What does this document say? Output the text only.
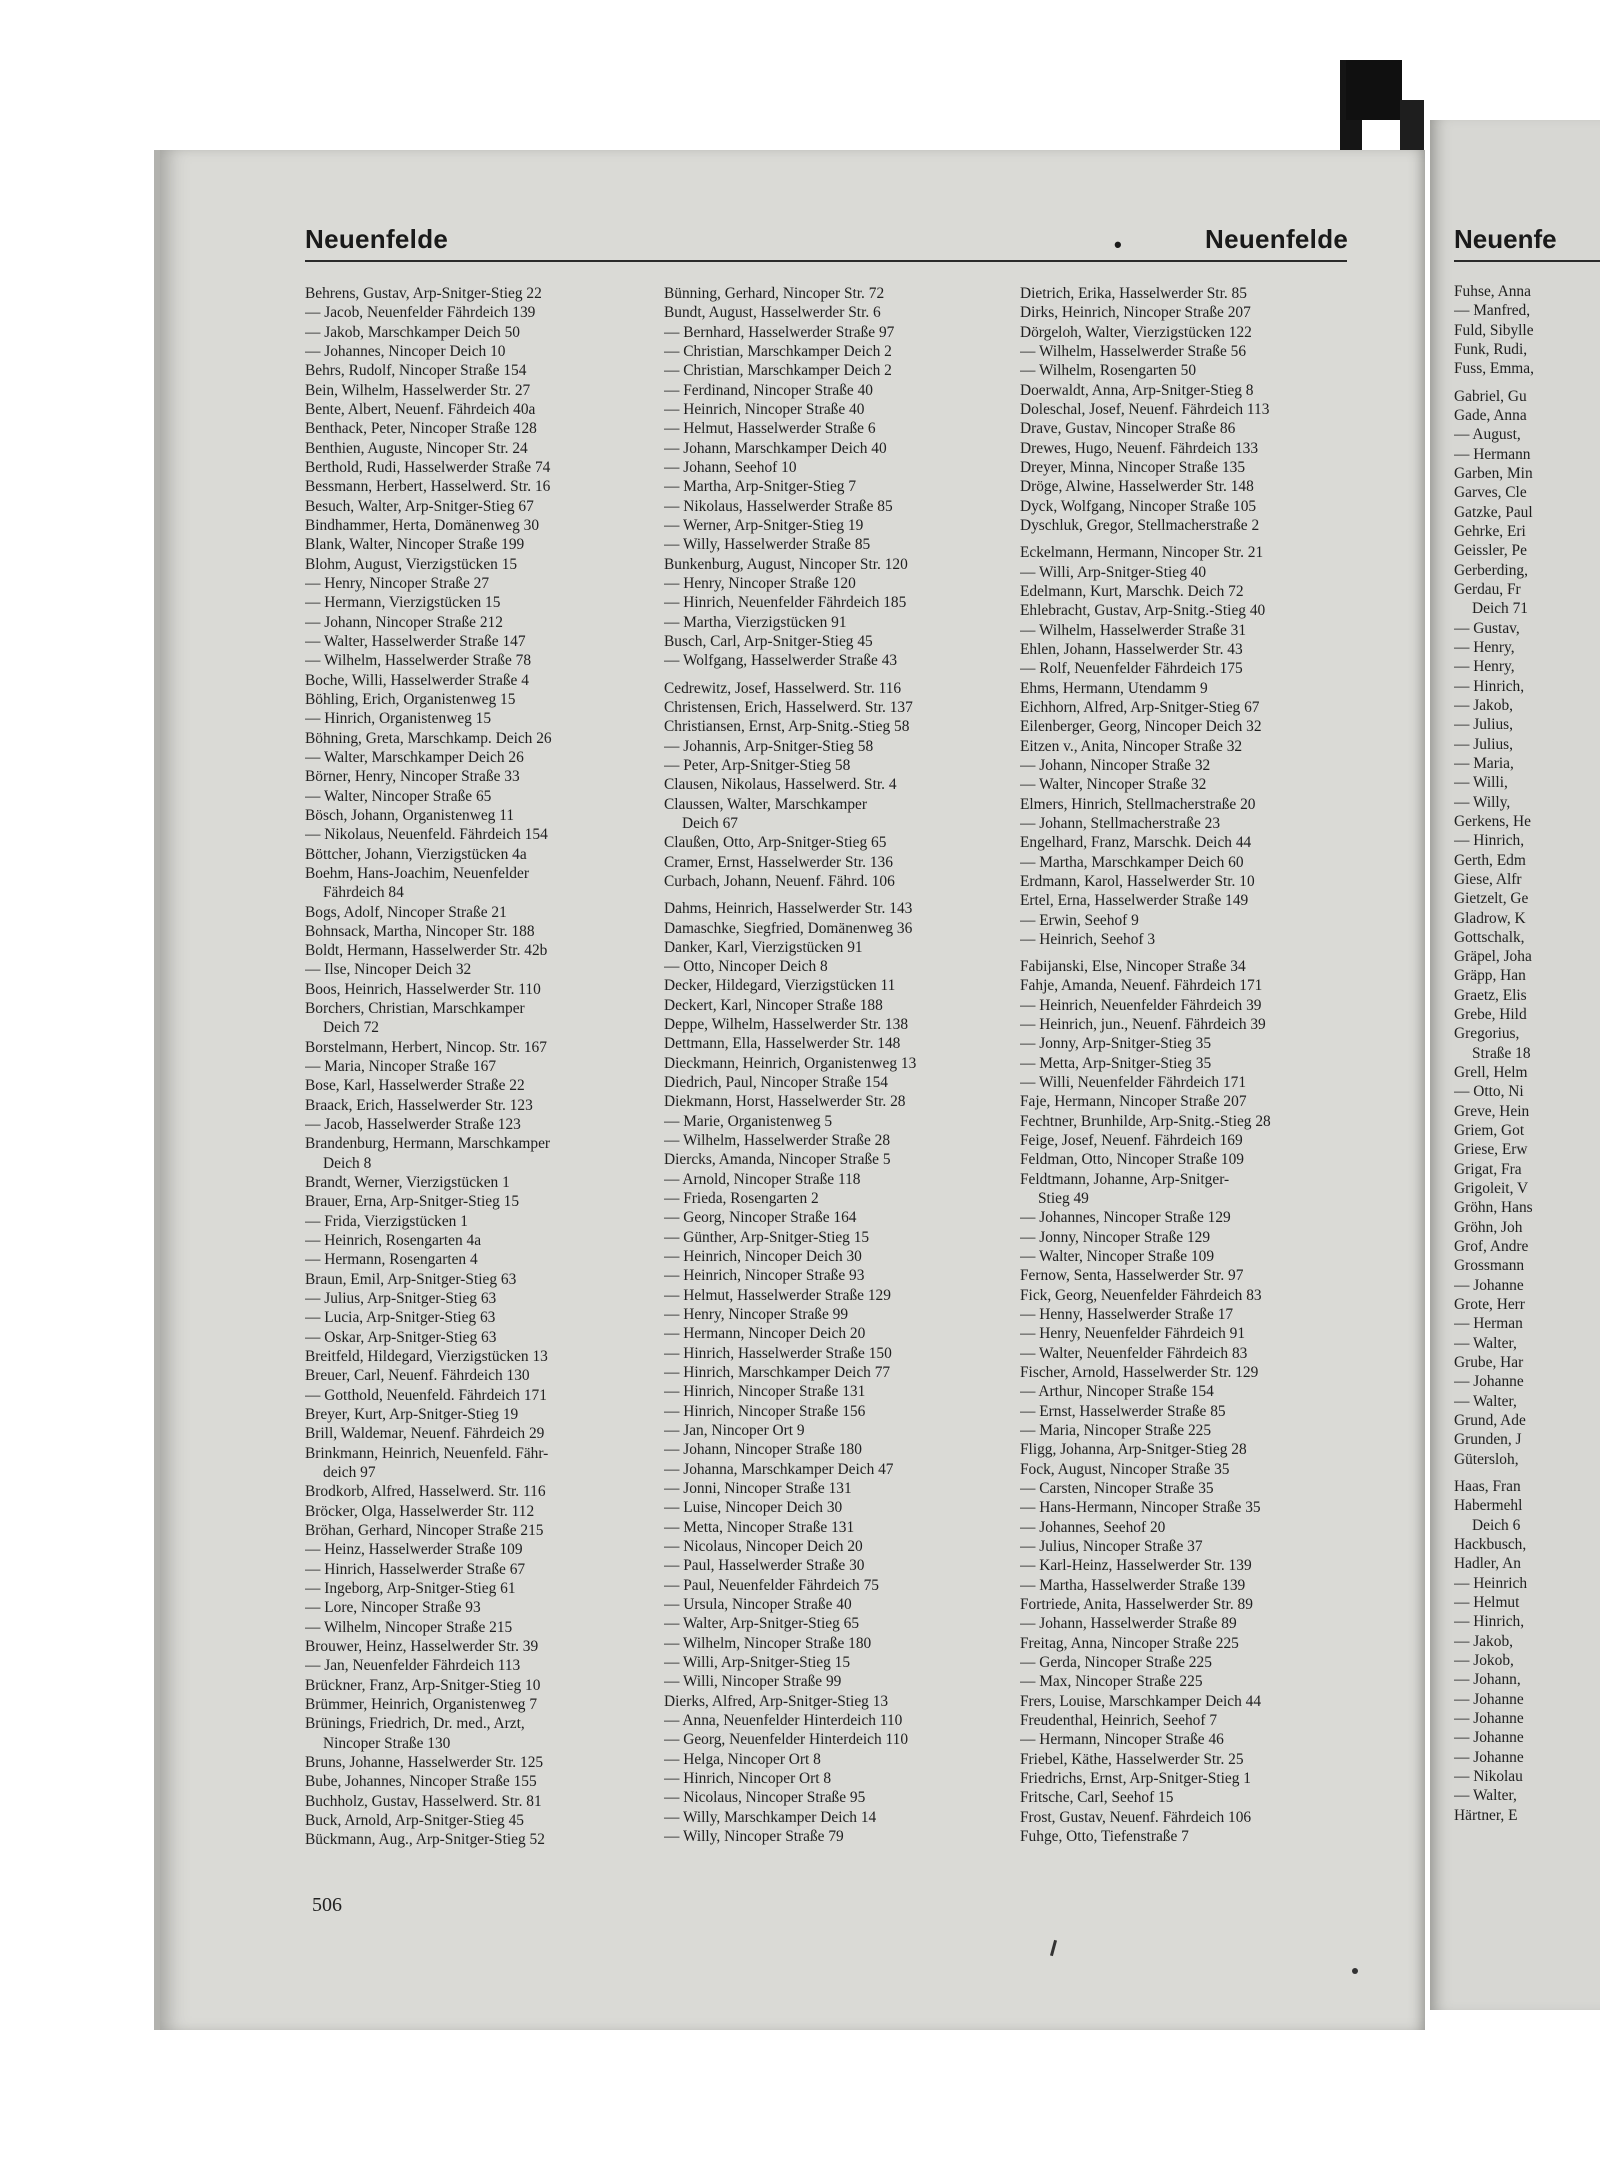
Neuenfelde	•	Neuenfelde
Behrens, Gustav, Arp-Snitger-Stieg 22
— Jacob, Neuenfelder Fährdeich 139
— Jakob, Marschkamper Deich 50
— Johannes, Nincoper Deich 10
Behrs, Rudolf, Nincoper Straße 154
Bein, Wilhelm, Hasselwerder Str. 27
Bente, Albert, Neuenf. Fährdeich 40a
Benthack, Peter, Nincoper Straße 128
Benthien, Auguste, Nincoper Str. 24
Berthold, Rudi, Hasselwerder Straße 74
Bessmann, Herbert, Hasselwerd. Str. 16
Besuch, Walter, Arp-Snitger-Stieg 67
Bindhammer, Herta, Domänenweg 30
Blank, Walter, Nincoper Straße 199
Blohm, August, Vierzigstücken 15
— Henry, Nincoper Straße 27
— Hermann, Vierzigstücken 15
— Johann, Nincoper Straße 212
— Walter, Hasselwerder Straße 147
— Wilhelm, Hasselwerder Straße 78
Boche, Willi, Hasselwerder Straße 4
Böhling, Erich, Organistenweg 15
— Hinrich, Organistenweg 15
Böhning, Greta, Marschkamp. Deich 26
— Walter, Marschkamper Deich 26
Börner, Henry, Nincoper Straße 33
— Walter, Nincoper Straße 65
Bösch, Johann, Organistenweg 11
— Nikolaus, Neuenfeld. Fährdeich 154
Böttcher, Johann, Vierzigstücken 4a
Boehm, Hans-Joachim, Neuenfelder
Fährdeich 84
Bogs, Adolf, Nincoper Straße 21
Bohnsack, Martha, Nincoper Str. 188
Boldt, Hermann, Hasselwerder Str. 42b
— Ilse, Nincoper Deich 32
Boos, Heinrich, Hasselwerder Str. 110
Borchers, Christian, Marschkamper
Deich 72
Borstelmann, Herbert, Nincop. Str. 167
— Maria, Nincoper Straße 167
Bose, Karl, Hasselwerder Straße 22
Braack, Erich, Hasselwerder Str. 123
— Jacob, Hasselwerder Straße 123
Brandenburg, Hermann, Marschkamper
Deich 8
Brandt, Werner, Vierzigstücken 1
Brauer, Erna, Arp-Snitger-Stieg 15
— Frida, Vierzigstücken 1
— Heinrich, Rosengarten 4a
— Hermann, Rosengarten 4
Braun, Emil, Arp-Snitger-Stieg 63
— Julius, Arp-Snitger-Stieg 63
— Lucia, Arp-Snitger-Stieg 63
— Oskar, Arp-Snitger-Stieg 63
Breitfeld, Hildegard, Vierzigstücken 13
Breuer, Carl, Neuenf. Fährdeich 130
— Gotthold, Neuenfeld. Fährdeich 171
Breyer, Kurt, Arp-Snitger-Stieg 19
Brill, Waldemar, Neuenf. Fährdeich 29
Brinkmann, Heinrich, Neuenfeld. Fähr-
deich 97
Brodkorb, Alfred, Hasselwerd. Str. 116
Bröcker, Olga, Hasselwerder Str. 112
Bröhan, Gerhard, Nincoper Straße 215
— Heinz, Hasselwerder Straße 109
— Hinrich, Hasselwerder Straße 67
— Ingeborg, Arp-Snitger-Stieg 61
— Lore, Nincoper Straße 93
— Wilhelm, Nincoper Straße 215
Brouwer, Heinz, Hasselwerder Str. 39
— Jan, Neuenfelder Fährdeich 113
Brückner, Franz, Arp-Snitger-Stieg 10
Brümmer, Heinrich, Organistenweg 7
Brünings, Friedrich, Dr. med., Arzt,
Nincoper Straße 130
Bruns, Johanne, Hasselwerder Str. 125
Bube, Johannes, Nincoper Straße 155
Buchholz, Gustav, Hasselwerd. Str. 81
Buck, Arnold, Arp-Snitger-Stieg 45
Bückmann, Aug., Arp-Snitger-Stieg 52
Bünning, Gerhard, Nincoper Str. 72
Bundt, August, Hasselwerder Str. 6
— Bernhard, Hasselwerder Straße 97
— Christian, Marschkamper Deich 2
— Christian, Marschkamper Deich 2
— Ferdinand, Nincoper Straße 40
— Heinrich, Nincoper Straße 40
— Helmut, Hasselwerder Straße 6
— Johann, Marschkamper Deich 40
— Johann, Seehof 10
— Martha, Arp-Snitger-Stieg 7
— Nikolaus, Hasselwerder Straße 85
— Werner, Arp-Snitger-Stieg 19
— Willy, Hasselwerder Straße 85
Bunkenburg, August, Nincoper Str. 120
— Henry, Nincoper Straße 120
— Hinrich, Neuenfelder Fährdeich 185
— Martha, Vierzigstücken 91
Busch, Carl, Arp-Snitger-Stieg 45
— Wolfgang, Hasselwerder Straße 43
Cedrewitz, Josef, Hasselwerd. Str. 116
Christensen, Erich, Hasselwerd. Str. 137
Christiansen, Ernst, Arp-Snitg.-Stieg 58
— Johannis, Arp-Snitger-Stieg 58
— Peter, Arp-Snitger-Stieg 58
Clausen, Nikolaus, Hasselwerd. Str. 4
Claussen, Walter, Marschkamper
Deich 67
Claußen, Otto, Arp-Snitger-Stieg 65
Cramer, Ernst, Hasselwerder Str. 136
Curbach, Johann, Neuenf. Fährd. 106
Dahms, Heinrich, Hasselwerder Str. 143
Damaschke, Siegfried, Domänenweg 36
Danker, Karl, Vierzigstücken 91
— Otto, Nincoper Deich 8
Decker, Hildegard, Vierzigstücken 11
Deckert, Karl, Nincoper Straße 188
Deppe, Wilhelm, Hasselwerder Str. 138
Dettmann, Ella, Hasselwerder Str. 148
Dieckmann, Heinrich, Organistenweg 13
Diedrich, Paul, Nincoper Straße 154
Diekmann, Horst, Hasselwerder Str. 28
— Marie, Organistenweg 5
— Wilhelm, Hasselwerder Straße 28
Diercks, Amanda, Nincoper Straße 5
— Arnold, Nincoper Straße 118
— Frieda, Rosengarten 2
— Georg, Nincoper Straße 164
— Günther, Arp-Snitger-Stieg 15
— Heinrich, Nincoper Deich 30
— Heinrich, Nincoper Straße 93
— Helmut, Hasselwerder Straße 129
— Henry, Nincoper Straße 99
— Hermann, Nincoper Deich 20
— Hinrich, Hasselwerder Straße 150
— Hinrich, Marschkamper Deich 77
— Hinrich, Nincoper Straße 131
— Hinrich, Nincoper Straße 156
— Jan, Nincoper Ort 9
— Johann, Nincoper Straße 180
— Johanna, Marschkamper Deich 47
— Jonni, Nincoper Straße 131
— Luise, Nincoper Deich 30
— Metta, Nincoper Straße 131
— Nicolaus, Nincoper Deich 20
— Paul, Hasselwerder Straße 30
— Paul, Neuenfelder Fährdeich 75
— Ursula, Nincoper Straße 40
— Walter, Arp-Snitger-Stieg 65
— Wilhelm, Nincoper Straße 180
— Willi, Arp-Snitger-Stieg 15
— Willi, Nincoper Straße 99
Dierks, Alfred, Arp-Snitger-Stieg 13
— Anna, Neuenfelder Hinterdeich 110
— Georg, Neuenfelder Hinterdeich 110
— Helga, Nincoper Ort 8
— Hinrich, Nincoper Ort 8
— Nicolaus, Nincoper Straße 95
— Willy, Marschkamper Deich 14
— Willy, Nincoper Straße 79
Dietrich, Erika, Hasselwerder Str. 85
Dirks, Heinrich, Nincoper Straße 207
Dörgeloh, Walter, Vierzigstücken 122
— Wilhelm, Hasselwerder Straße 56
— Wilhelm, Rosengarten 50
Doerwaldt, Anna, Arp-Snitger-Stieg 8
Doleschal, Josef, Neuenf. Fährdeich 113
Drave, Gustav, Nincoper Straße 86
Drewes, Hugo, Neuenf. Fährdeich 133
Dreyer, Minna, Nincoper Straße 135
Dröge, Alwine, Hasselwerder Str. 148
Dyck, Wolfgang, Nincoper Straße 105
Dyschluk, Gregor, Stellmacherstraße 2
Eckelmann, Hermann, Nincoper Str. 21
— Willi, Arp-Snitger-Stieg 40
Edelmann, Kurt, Marschk. Deich 72
Ehlebracht, Gustav, Arp-Snitg.-Stieg 40
— Wilhelm, Hasselwerder Straße 31
Ehlen, Johann, Hasselwerder Str. 43
— Rolf, Neuenfelder Fährdeich 175
Ehms, Hermann, Utendamm 9
Eichhorn, Alfred, Arp-Snitger-Stieg 67
Eilenberger, Georg, Nincoper Deich 32
Eitzen v., Anita, Nincoper Straße 32
— Johann, Nincoper Straße 32
— Walter, Nincoper Straße 32
Elmers, Hinrich, Stellmacherstraße 20
— Johann, Stellmacherstraße 23
Engelhard, Franz, Marschk. Deich 44
— Martha, Marschkamper Deich 60
Erdmann, Karol, Hasselwerder Str. 10
Ertel, Erna, Hasselwerder Straße 149
— Erwin, Seehof 9
— Heinrich, Seehof 3
Fabijanski, Else, Nincoper Straße 34
Fahje, Amanda, Neuenf. Fährdeich 171
— Heinrich, Neuenfelder Fährdeich 39
— Heinrich, jun., Neuenf. Fährdeich 39
— Jonny, Arp-Snitger-Stieg 35
— Metta, Arp-Snitger-Stieg 35
— Willi, Neuenfelder Fährdeich 171
Faje, Hermann, Nincoper Straße 207
Fechtner, Brunhilde, Arp-Snitg.-Stieg 28
Feige, Josef, Neuenf. Fährdeich 169
Feldman, Otto, Nincoper Straße 109
Feldtmann, Johanne, Arp-Snitger-
Stieg 49
— Johannes, Nincoper Straße 129
— Jonny, Nincoper Straße 129
— Walter, Nincoper Straße 109
Fernow, Senta, Hasselwerder Str. 97
Fick, Georg, Neuenfelder Fährdeich 83
— Henny, Hasselwerder Straße 17
— Henry, Neuenfelder Fährdeich 91
— Walter, Neuenfelder Fährdeich 83
Fischer, Arnold, Hasselwerder Str. 129
— Arthur, Nincoper Straße 154
— Ernst, Hasselwerder Straße 85
— Maria, Nincoper Straße 225
Fligg, Johanna, Arp-Snitger-Stieg 28
Fock, August, Nincoper Straße 35
— Carsten, Nincoper Straße 35
— Hans-Hermann, Nincoper Straße 35
— Johannes, Seehof 20
— Julius, Nincoper Straße 37
— Karl-Heinz, Hasselwerder Str. 139
— Martha, Hasselwerder Straße 139
Fortriede, Anita, Hasselwerder Str. 89
— Johann, Hasselwerder Straße 89
Freitag, Anna, Nincoper Straße 225
— Gerda, Nincoper Straße 225
— Max, Nincoper Straße 225
Frers, Louise, Marschkamper Deich 44
Freudenthal, Heinrich, Seehof 7
— Hermann, Nincoper Straße 46
Friebel, Käthe, Hasselwerder Str. 25
Friedrichs, Ernst, Arp-Snitger-Stieg 1
Fritsche, Carl, Seehof 15
Frost, Gustav, Neuenf. Fährdeich 106
Fuhge, Otto, Tiefenstraße 7
506
Neuenfe
Fuhse, Anna
— Manfred,
Fuld, Sibylle
Funk, Rudi,
Fuss, Emma,
Gabriel, Gu
Gade, Anna
— August,
— Hermann
Garben, Min
Garves, Cle
Gatzke, Paul
Gehrke, Eri
Geissler, Pe
Gerberding,
Gerdau, Fr
Deich 71
— Gustav,
— Henry,
— Henry,
— Hinrich,
— Jakob,
— Julius,
— Julius,
— Maria,
— Willi,
— Willy,
Gerkens, He
— Hinrich,
Gerth, Edm
Giese, Alfr
Gietzelt, Ge
Gladrow, K
Gottschalk,
Gräpel, Joha
Gräpp, Han
Graetz, Elis
Grebe, Hild
Gregorius,
Straße 18
Grell, Helm
— Otto, Ni
Greve, Hein
Griem, Got
Griese, Erw
Grigat, Fra
Grigoleit, V
Gröhn, Hans
Gröhn, Joh
Grof, Andre
Grossmann
— Johanne
Grote, Herr
— Herman
— Walter,
Grube, Har
— Johanne
— Walter,
Grund, Ade
Grunden, J
Gütersloh,
Haas, Fran
Habermehl
Deich 6
Hackbusch,
Hadler, An
— Heinrich
— Helmut
— Hinrich,
— Jakob,
— Jokob,
— Johann,
— Johanne
— Johanne
— Johanne
— Johanne
— Nikolau
— Walter,
Härtner, E
